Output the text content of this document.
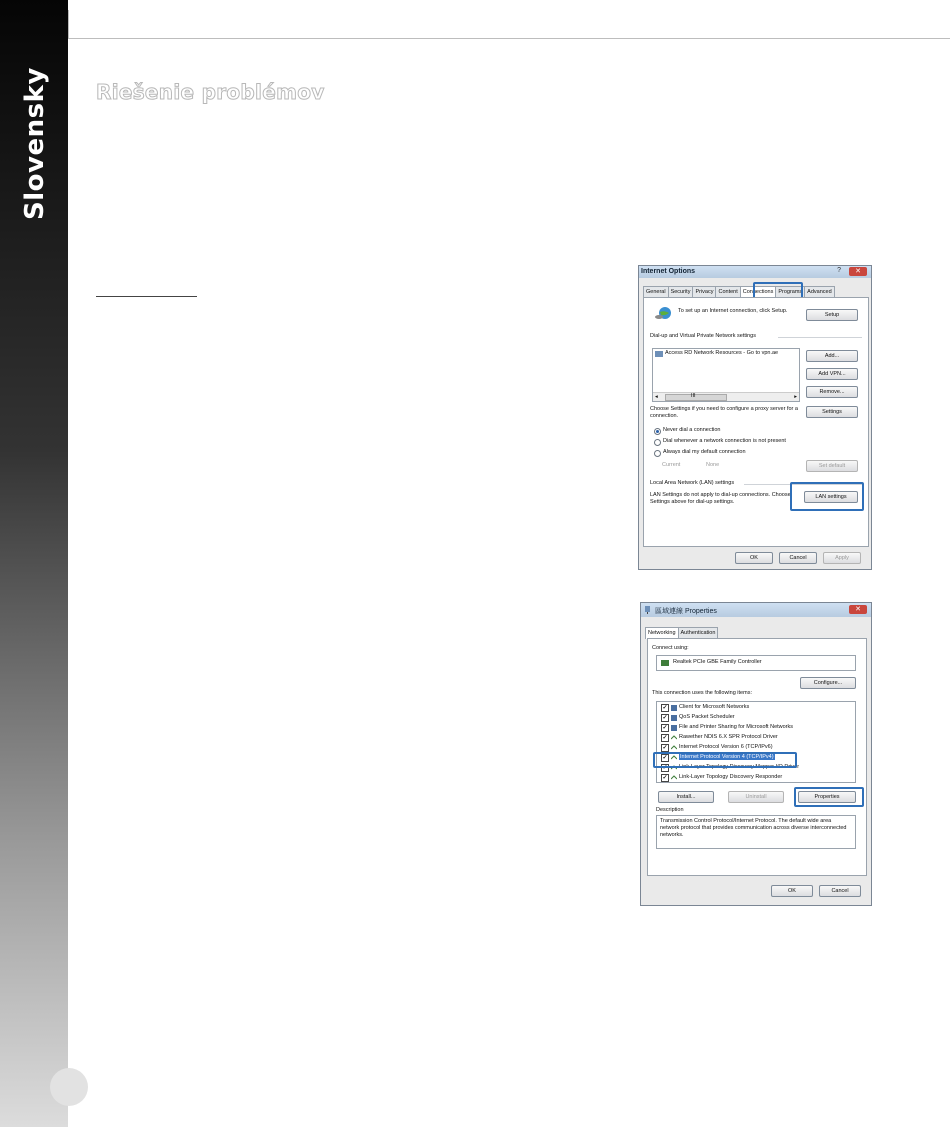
Slovensky Riešenie problémov
Internet Options	?	✕
General Security Privacy Content Connections Programs Advanced
To set up an Internet connection, click Setup.
Setup
Dial-up and Virtual Private Network settings
Access RD Network Resources - Go to vpn.ae
◂	III	▸
Add...
Add VPN...
Remove...
Choose Settings if you need to configure a proxy server for a connection.
Settings
Never dial a connection
Dial whenever a network connection is not present
Always dial my default connection
Current	None	Set default
Local Area Network (LAN) settings
LAN Settings do not apply to dial-up connections. Choose Settings above for dial-up settings.
LAN settings
OK	Cancel	Apply
區域連線 Properties	✕
Networking Authentication
Connect using:
Realtek PCIe GBE Family Controller
Configure...
This connection uses the following items:
✓ Client for Microsoft Networks
✓ QoS Packet Scheduler
✓ File and Printer Sharing for Microsoft Networks
✓ Rawether NDIS 6.X SPR Protocol Driver
✓ Internet Protocol Version 6 (TCP/IPv6)
✓ Internet Protocol Version 4 (TCP/IPv4)
✓ Link-Layer Topology Discovery Mapper I/O Driver
✓ Link-Layer Topology Discovery Responder
Install...	Uninstall	Properties
Description
Transmission Control Protocol/Internet Protocol. The default wide area network protocol that provides communication across diverse interconnected networks.
OK	Cancel
